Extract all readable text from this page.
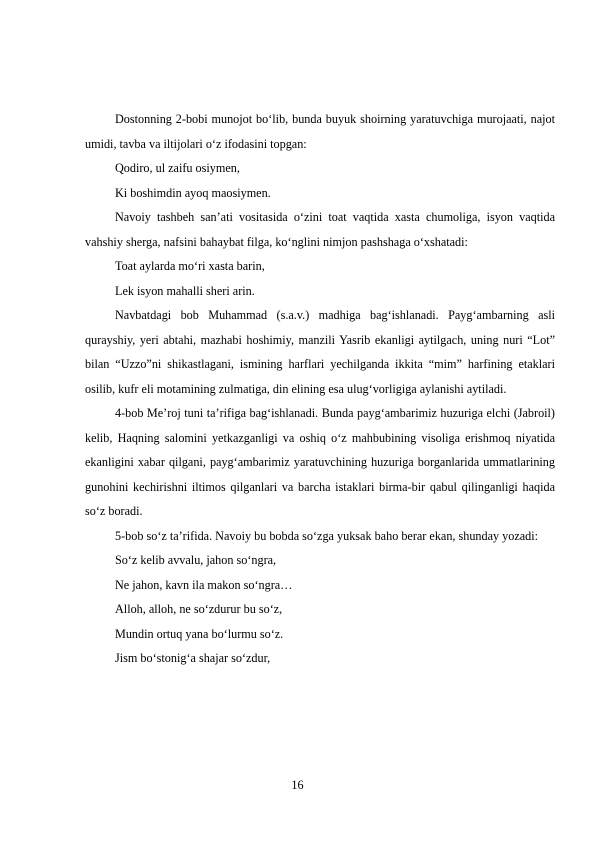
Dostonning 2-bobi munojot bo‘lib, bunda buyuk shoirning yaratuvchiga murojaati, najot umidi, tavba va iltijolari o‘z ifodasini topgan:

Qodiro, ul zaifu osiymen,

Ki boshimdin ayoq maosiymen.

Navoiy tashbeh san’ati vositasida o‘zini toat vaqtida xasta chumoliga, isyon vaqtida vahshiy sherga, nafsini bahaybat filga, ko‘nglini nimjon pashshaga o‘xshatadi:

Toat aylarda mo‘ri xasta barin,

Lek isyon mahalli sheri arin.

Navbatdagi bob Muhammad (s.a.v.) madhiga bag‘ishlanadi. Payg‘ambarning asli qurayshiy, yeri abtahi, mazhabi hoshimiy, manzili Yasrib ekanligi aytilgach, uning nuri “Lot” bilan “Uzzo”ni shikastlagani, ismining harflari yechilganda ikkita “mim” harfining etaklari osilib, kufr eli motamining zulmatiga, din elining esa ulug‘vorligiga aylanishi aytiladi.

4-bob Me’roj tuni ta’rifiga bag‘ishlanadi. Bunda payg‘ambarimiz huzuriga elchi (Jabroil) kelib, Haqning salomini yetkazganligi va oshiq o‘z mahbubining visoliga erishmoq niyatida ekanligini xabar qilgani, payg‘ambarimiz yaratuvchining huzuriga borganlarida ummatlarining gunohini kechirishni iltimos qilganlari va barcha istaklari birma-bir qabul qilinganligi haqida so‘z boradi.

5-bob so‘z ta’rifida. Navoiy bu bobda so‘zga yuksak baho berar ekan, shunday yozadi:

So‘z kelib avvalu, jahon so‘ngra,

Ne jahon, kavn ila makon so‘ngra…

Alloh, alloh, ne so‘zdurur bu so‘z,

Mundin ortuq yana bo‘lurmu so‘z.

Jism bo‘stonig‘a shajar so‘zdur,

16
